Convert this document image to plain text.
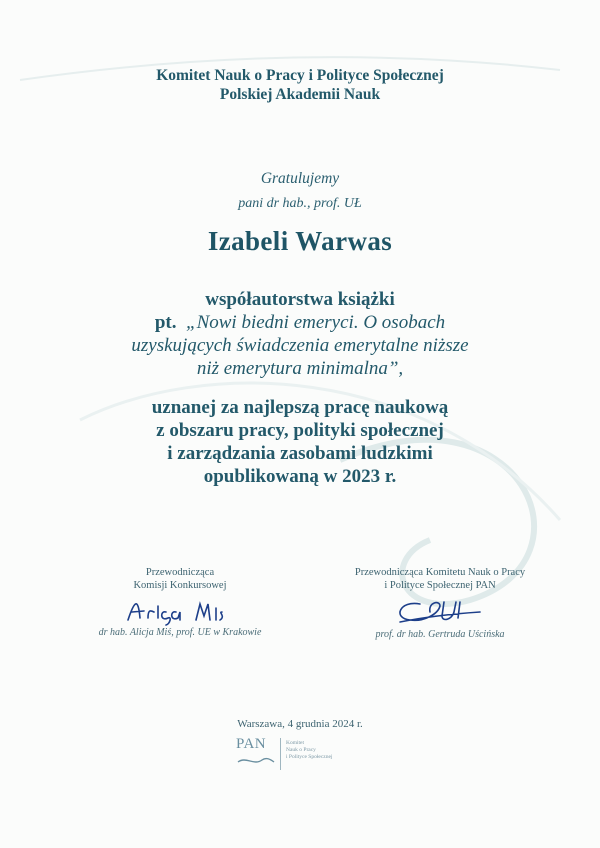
Komitet Nauk o Pracy i Polityce Społecznej
Polskiej Akademii Nauk
Gratulujemy
pani dr hab., prof. UŁ
Izabeli Warwas
współautorstwa książki
pt. „Nowi biedni emeryci. O osobach
uzyskujących świadczenia emerytalne niższe
niż emerytura minimalna”,
uznanej za najlepszą pracę naukową
z obszaru pracy, polityki społecznej
i zarządzania zasobami ludzkimi
opublikowaną w 2023 r.
Przewodnicząca
Komisji Konkursowej
dr hab. Alicja Miś, prof. UE w Krakowie
Przewodnicząca Komitetu Nauk o Pracy
i Polityce Społecznej PAN
prof. dr hab. Gertruda Uścińska
Warszawa, 4 grudnia 2024 r.
PAN	Komitet
Nauk o Pracy
i Polityce Społecznej
